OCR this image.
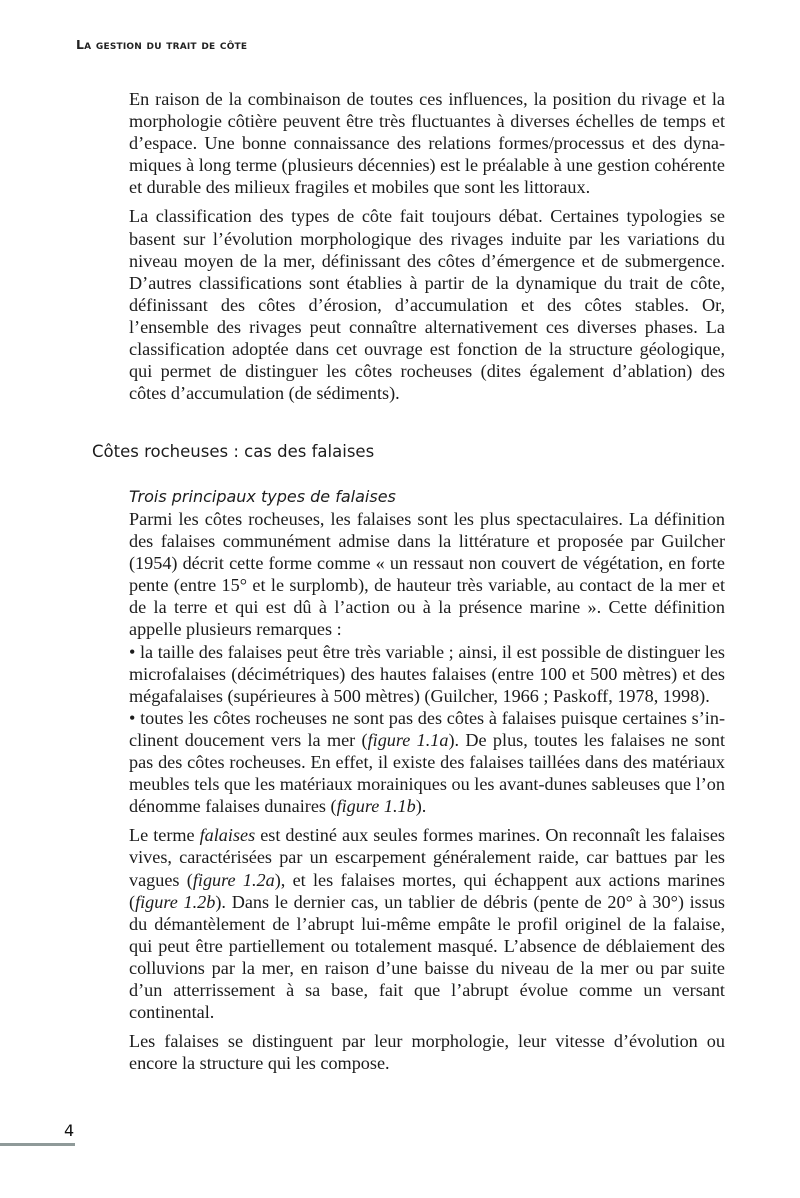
La gestion du trait de côte

En raison de la combinaison de toutes ces influences, la position du rivage et la morphologie côtière peuvent être très fluctuantes à diverses échelles de temps et d’espace. Une bonne connaissance des relations formes/processus et des dynamiques à long terme (plusieurs décennies) est le préalable à une gestion cohérente et durable des milieux fragiles et mobiles que sont les littoraux.

La classification des types de côte fait toujours débat. Certaines typologies se basent sur l’évolution morphologique des rivages induite par les variations du niveau moyen de la mer, définissant des côtes d’émergence et de submergence. D’autres classifications sont établies à partir de la dynamique du trait de côte, définissant des côtes d’érosion, d’accumulation et des côtes stables. Or, l’ensemble des rivages peut connaître alternativement ces diverses phases. La classification adoptée dans cet ouvrage est fonction de la structure géologique, qui permet de distinguer les côtes rocheuses (dites également d’ablation) des côtes d’accumulation (de sédiments).

Côtes rocheuses : cas des falaises
Trois principaux types de falaises

Parmi les côtes rocheuses, les falaises sont les plus spectaculaires. La définition des falaises communément admise dans la littérature et proposée par Guilcher (1954) décrit cette forme comme « un ressaut non couvert de végétation, en forte pente (entre 15° et le surplomb), de hauteur très variable, au contact de la mer et de la terre et qui est dû à l’action ou à la présence marine ». Cette définition appelle plusieurs remarques :

• la taille des falaises peut être très variable ; ainsi, il est possible de distinguer les microfalaises (décimétriques) des hautes falaises (entre 100 et 500 mètres) et des mégafalaises (supérieures à 500 mètres) (Guilcher, 1966 ; Paskoff, 1978, 1998).

• toutes les côtes rocheuses ne sont pas des côtes à falaises puisque certaines s’inclinent doucement vers la mer (figure 1.1a). De plus, toutes les falaises ne sont pas des côtes rocheuses. En effet, il existe des falaises taillées dans des matériaux meubles tels que les matériaux morainiques ou les avant-dunes sableuses que l’on dénomme falaises dunaires (figure 1.1b).

Le terme falaises est destiné aux seules formes marines. On reconnaît les falaises vives, caractérisées par un escarpement généralement raide, car battues par les vagues (figure 1.2a), et les falaises mortes, qui échappent aux actions marines (figure 1.2b). Dans le dernier cas, un tablier de débris (pente de 20° à 30°) issus du démantèlement de l’abrupt lui-même empâte le profil originel de la falaise, qui peut être partiellement ou totalement masqué. L’absence de déblaiement des colluvions par la mer, en raison d’une baisse du niveau de la mer ou par suite d’un atterrissement à sa base, fait que l’abrupt évolue comme un versant continental.

Les falaises se distinguent par leur morphologie, leur vitesse d’évolution ou encore la structure qui les compose.

4
